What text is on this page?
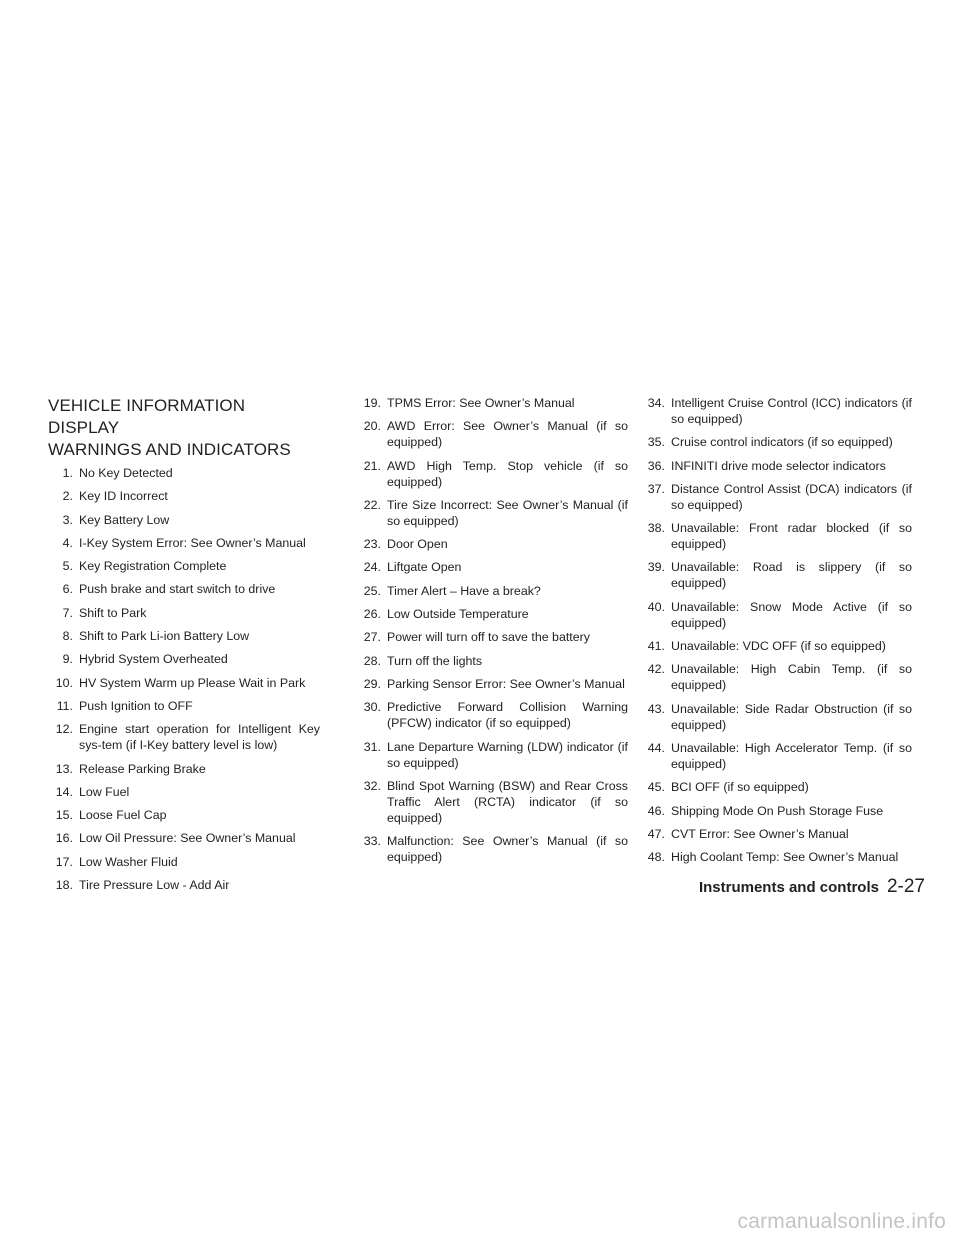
VEHICLE INFORMATION DISPLAY
WARNINGS AND INDICATORS
1. No Key Detected
2. Key ID Incorrect
3. Key Battery Low
4. I-Key System Error: See Owner’s Manual
5. Key Registration Complete
6. Push brake and start switch to drive
7. Shift to Park
8. Shift to Park Li-ion Battery Low
9. Hybrid System Overheated
10. HV System Warm up Please Wait in Park
11. Push Ignition to OFF
12. Engine start operation for Intelligent Key sys-tem (if I-Key battery level is low)
13. Release Parking Brake
14. Low Fuel
15. Loose Fuel Cap
16. Low Oil Pressure: See Owner’s Manual
17. Low Washer Fluid
18. Tire Pressure Low - Add Air
19. TPMS Error: See Owner’s Manual
20. AWD Error: See Owner’s Manual (if so equipped)
21. AWD High Temp. Stop vehicle (if so equipped)
22. Tire Size Incorrect: See Owner’s Manual (if so equipped)
23. Door Open
24. Liftgate Open
25. Timer Alert – Have a break?
26. Low Outside Temperature
27. Power will turn off to save the battery
28. Turn off the lights
29. Parking Sensor Error: See Owner’s Manual
30. Predictive Forward Collision Warning (PFCW) indicator (if so equipped)
31. Lane Departure Warning (LDW) indicator (if so equipped)
32. Blind Spot Warning (BSW) and Rear Cross Traffic Alert (RCTA) indicator (if so equipped)
33. Malfunction: See Owner’s Manual (if so equipped)
34. Intelligent Cruise Control (ICC) indicators (if so equipped)
35. Cruise control indicators (if so equipped)
36. INFINITI drive mode selector indicators
37. Distance Control Assist (DCA) indicators (if so equipped)
38. Unavailable: Front radar blocked (if so equipped)
39. Unavailable: Road is slippery (if so equipped)
40. Unavailable: Snow Mode Active (if so equipped)
41. Unavailable: VDC OFF (if so equipped)
42. Unavailable: High Cabin Temp. (if so equipped)
43. Unavailable: Side Radar Obstruction (if so equipped)
44. Unavailable: High Accelerator Temp. (if so equipped)
45. BCI OFF (if so equipped)
46. Shipping Mode On Push Storage Fuse
47. CVT Error: See Owner’s Manual
48. High Coolant Temp: See Owner’s Manual
Instruments and controls 2-27
carmanualsonline.info
